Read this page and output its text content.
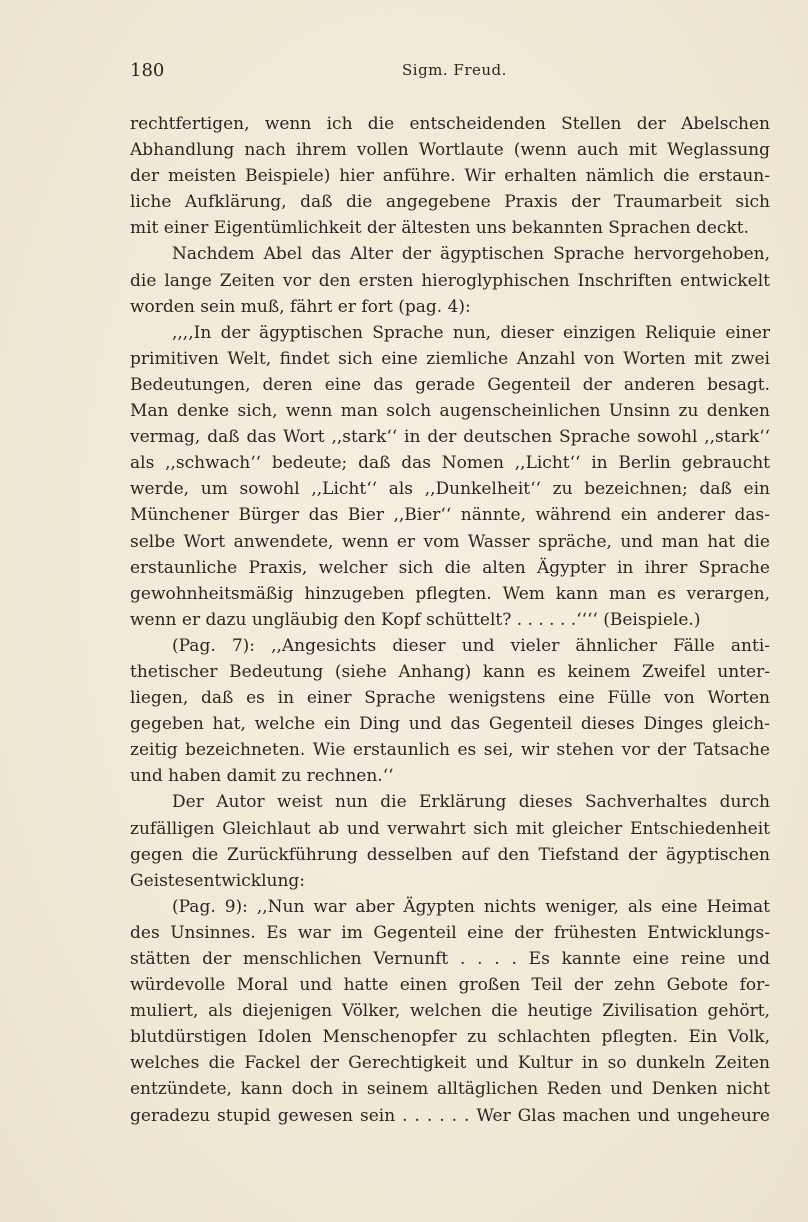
180	Sigm. Freud.
rechtfertigen, wenn ich die entscheidenden Stellen der Abelschen
Abhandlung nach ihrem vollen Wortlaute (wenn auch mit Weglassung
der meisten Beispiele) hier anführe. Wir erhalten nämlich die erstaun-
liche Aufklärung, daß die angegebene Praxis der Traumarbeit sich
mit einer Eigentümlichkeit der ältesten uns bekannten Sprachen deckt.
Nachdem Abel das Alter der ägyptischen Sprache hervorgehoben,
die lange Zeiten vor den ersten hieroglyphischen Inschriften entwickelt
worden sein muß, fährt er fort (pag. 4):
,,,,In der ägyptischen Sprache nun, dieser einzigen Reliquie einer
primitiven Welt, findet sich eine ziemliche Anzahl von Worten mit zwei
Bedeutungen, deren eine das gerade Gegenteil der anderen besagt.
Man denke sich, wenn man solch augenscheinlichen Unsinn zu denken
vermag, daß das Wort ,,stark‘‘ in der deutschen Sprache sowohl ,,stark‘‘
als ,,schwach‘‘ bedeute; daß das Nomen ,,Licht‘‘ in Berlin gebraucht
werde, um sowohl ,,Licht‘‘ als ,,Dunkelheit‘‘ zu bezeichnen; daß ein
Münchener Bürger das Bier ,,Bier‘‘ nännte, während ein anderer das-
selbe Wort anwendete, wenn er vom Wasser spräche, und man hat die
erstaunliche Praxis, welcher sich die alten Ägypter in ihrer Sprache
gewohnheitsmäßig hinzugeben pflegten. Wem kann man es verargen,
wenn er dazu ungläubig den Kopf schüttelt? . . . . . .‘‘‘‘ (Beispiele.)
(Pag. 7): ,,Angesichts dieser und vieler ähnlicher Fälle anti-
thetischer Bedeutung (siehe Anhang) kann es keinem Zweifel unter-
liegen, daß es in einer Sprache wenigstens eine Fülle von Worten
gegeben hat, welche ein Ding und das Gegenteil dieses Dinges gleich-
zeitig bezeichneten. Wie erstaunlich es sei, wir stehen vor der Tatsache
und haben damit zu rechnen.‘‘
Der Autor weist nun die Erklärung dieses Sachverhaltes durch
zufälligen Gleichlaut ab und verwahrt sich mit gleicher Entschiedenheit
gegen die Zurückführung desselben auf den Tiefstand der ägyptischen
Geistesentwicklung:
(Pag. 9): ,,Nun war aber Ägypten nichts weniger, als eine Heimat
des Unsinnes. Es war im Gegenteil eine der frühesten Entwicklungs-
stätten der menschlichen Vernunft . . . . Es kannte eine reine und
würdevolle Moral und hatte einen großen Teil der zehn Gebote for-
muliert, als diejenigen Völker, welchen die heutige Zivilisation gehört,
blutdürstigen Idolen Menschenopfer zu schlachten pflegten. Ein Volk,
welches die Fackel der Gerechtigkeit und Kultur in so dunkeln Zeiten
entzündete, kann doch in seinem alltäglichen Reden und Denken nicht
geradezu stupid gewesen sein . . . . . . Wer Glas machen und ungeheure
